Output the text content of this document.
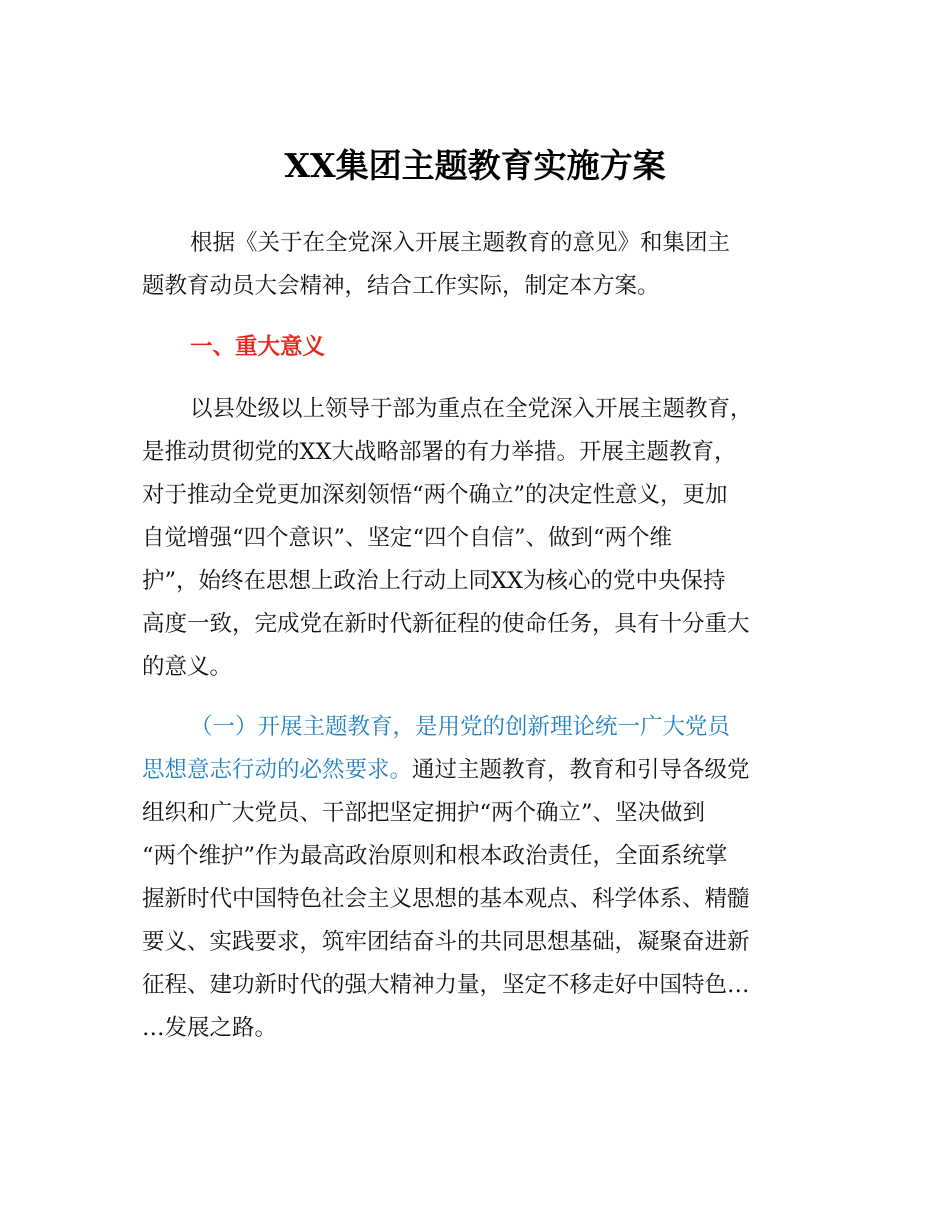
XX集团主题教育实施方案
根据《关于在全党深入开展主题教育的意见》和集团主
题教育动员大会精神，结合工作实际，制定本方案。
一、重大意义
以县处级以上领导于部为重点在全党深入开展主题教育，
是推动贯彻党的XX大战略部署的有力举措。开展主题教育，
对于推动全党更加深刻领悟“两个确立”的决定性意义，更加
自觉增强“四个意识”、坚定“四个自信”、做到“两个维
护”，始终在思想上政治上行动上同XX为核心的党中央保持
高度一致，完成党在新时代新征程的使命任务，具有十分重大
的意义。
（一）开展主题教育，是用党的创新理论统一广大党员
思想意志行动的必然要求。通过主题教育，教育和引导各级党
组织和广大党员、干部把坚定拥护“两个确立”、坚决做到
“两个维护”作为最高政治原则和根本政治责任，全面系统掌
握新时代中国特色社会主义思想的基本观点、科学体系、精髓
要义、实践要求，筑牢团结奋斗的共同思想基础，凝聚奋进新
征程、建功新时代的强大精神力量，坚定不移走好中国特色…
…发展之路。
